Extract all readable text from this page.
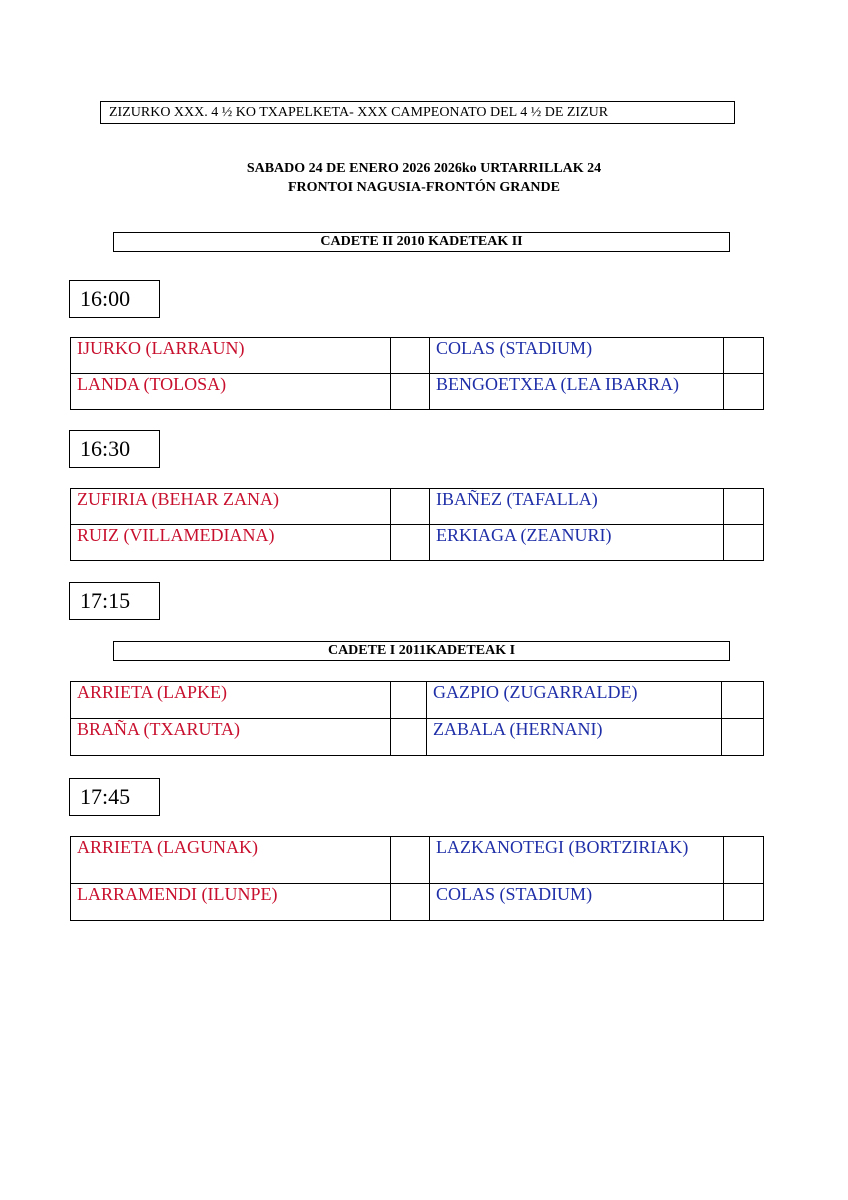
ZIZURKO XXX. 4 ½ KO TXAPELKETA- XXX CAMPEONATO DEL 4 ½ DE ZIZUR
SABADO 24 DE ENERO 2026 2026ko URTARRILLAK 24
FRONTOI NAGUSIA-FRONTÓN GRANDE
CADETE II 2010 KADETEAK II
16:00
IJURKO (LARRAUN)		COLAS (STADIUM)	
LANDA (TOLOSA)		BENGOETXEA (LEA IBARRA)	
16:30
ZUFIRIA (BEHAR ZANA)		IBAÑEZ (TAFALLA)	
RUIZ (VILLAMEDIANA)		ERKIAGA (ZEANURI)	
17:15
CADETE I 2011KADETEAK I
ARRIETA (LAPKE)		GAZPIO (ZUGARRALDE)	
BRAÑA (TXARUTA)		ZABALA (HERNANI)	
17:45
ARRIETA (LAGUNAK)		LAZKANOTEGI (BORTZIRIAK)	
LARRAMENDI (ILUNPE)		COLAS (STADIUM)	
